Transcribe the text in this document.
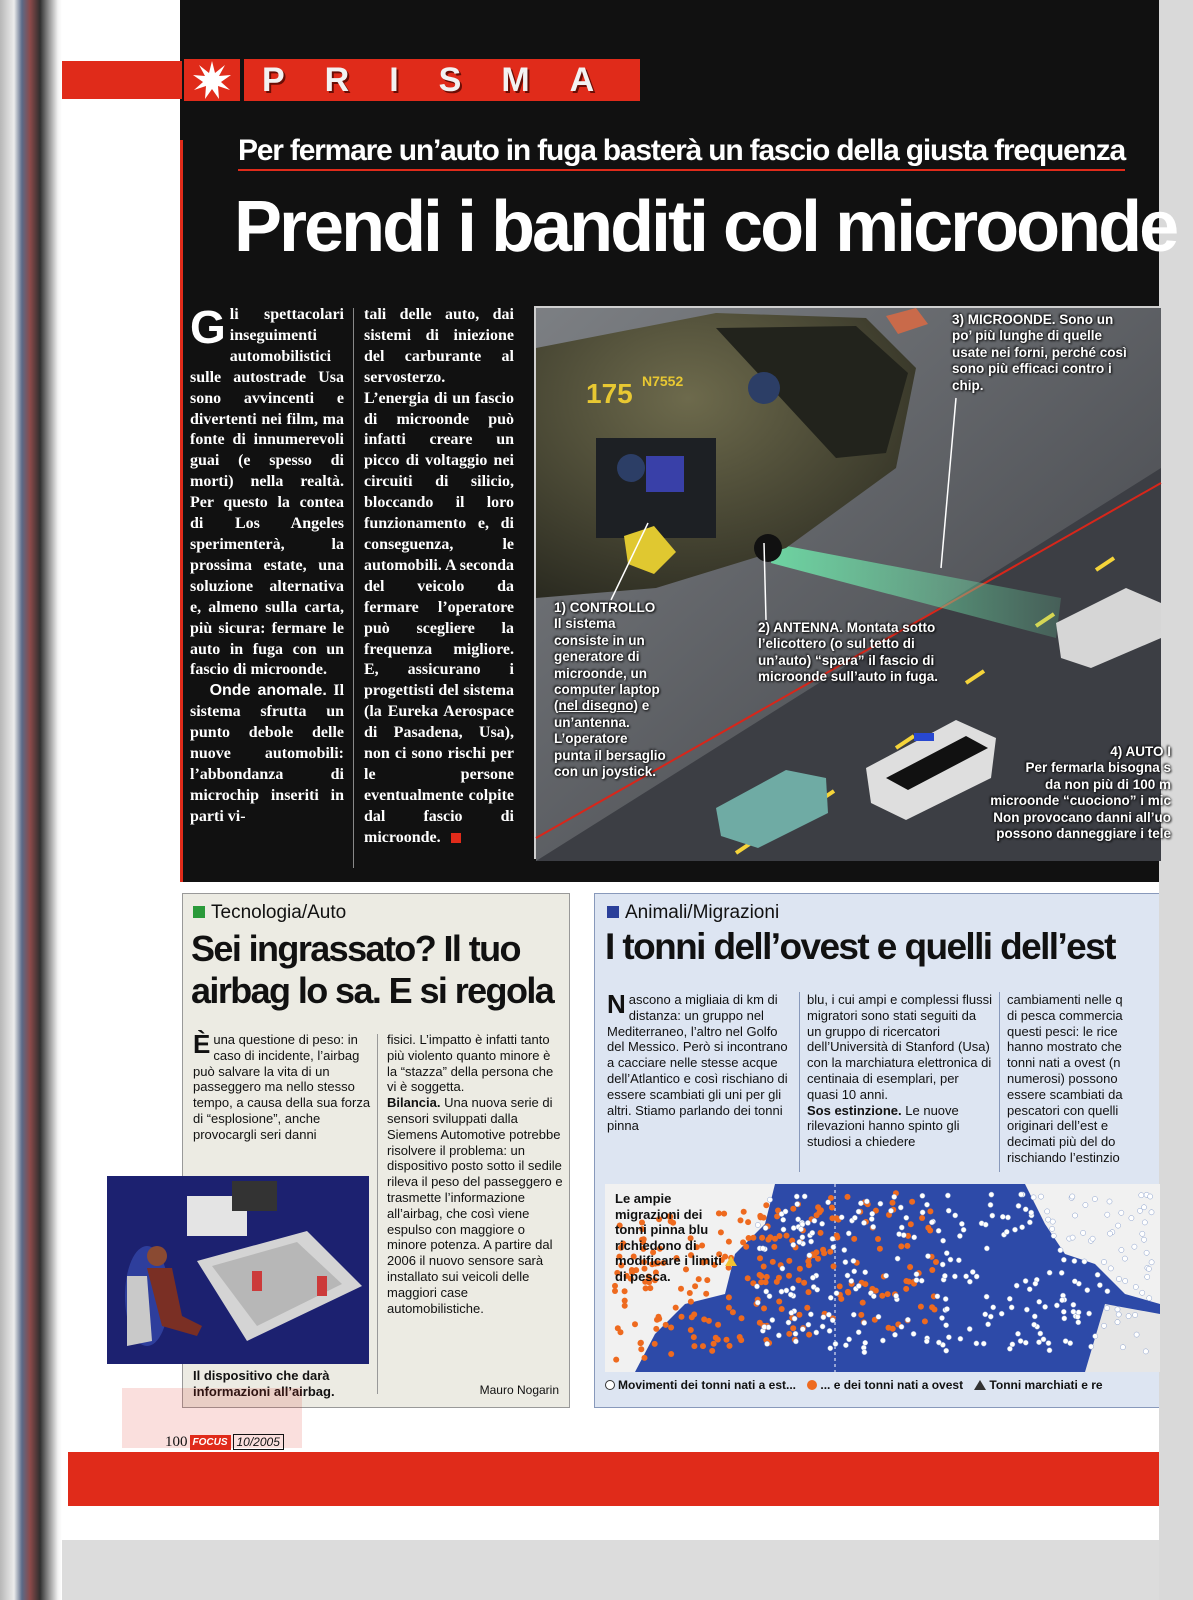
PRISMA
Per fermare un’auto in fuga basterà un fascio della giusta frequenza
Prendi i banditi col microonde
Gli spettacolari inseguimenti automobilistici sulle autostrade Usa sono avvincenti e divertenti nei film, ma fonte di innumerevoli guai (e spesso di morti) nella realtà. Per questo la contea di Los Angeles sperimenterà, la prossima estate, una soluzione alternativa e, almeno sulla carta, più sicura: fermare le auto in fuga con un fascio di microonde.
Onde anomale. Il sistema sfrutta un punto debole delle nuove automobili: l’abbondanza di microchip inseriti in parti vi-
tali delle auto, dai sistemi di iniezione del carburante al servosterzo. L’energia di un fascio di microonde può infatti creare un picco di voltaggio nei circuiti di silicio, bloccando il loro funzionamento e, di conseguenza, le automobili. A seconda del veicolo da fermare l’operatore può scegliere la frequenza migliore. E, assicurano i progettisti del sistema (la Eureka Aerospace di Pasadena, Usa), non ci sono rischi per le persone eventualmente colpite dal fascio di microonde.
175 N7552
1) CONTROLLO
Il sistema consiste in un generatore di microonde, un computer laptop (nel disegno) e un’antenna. L’operatore punta il bersaglio con un joystick.
2) ANTENNA. Montata sotto l’elicottero (o sul tetto di un’auto) “spara” il fascio di microonde sull’auto in fuga.
3) MICROONDE. Sono un po’ più lunghe di quelle usate nei forni, perché così sono più efficaci contro i chip.
4) AUTO I
Per fermarla bisogna s
da non più di 100 m
microonde “cuociono” i mic
Non provocano danni all’uo
possono danneggiare i tele
Tecnologia/Auto
Sei ingrassato? Il tuo airbag lo sa. E si regola
Èuna questione di peso: in caso di incidente, l’airbag può salvare la vita di un passeggero ma nello stesso tempo, a causa della sua forza di “esplosione”, anche provocargli seri danni
fisici. L’impatto è infatti tanto più violento quanto minore è la “stazza” della persona che vi è soggetta.
Bilancia. Una nuova serie di sensori sviluppati dalla Siemens Automotive potrebbe risolvere il problema: un dispositivo posto sotto il sedile rileva il peso del passeggero e trasmette l’informazione all’airbag, che così viene espulso con maggiore o minore potenza. A partire dal 2006 il nuovo sensore sarà installato sui veicoli delle maggiori case automobilistiche.
Mauro Nogarin
Il dispositivo che darà informazioni all’airbag.
Animali/Migrazioni
I tonni dell’ovest e quelli dell’est
Nascono a migliaia di km di distanza: un gruppo nel Mediterraneo, l’altro nel Golfo del Messico. Però si incontrano a cacciare nelle stesse acque dell’Atlantico e così rischiano di essere scambiati gli uni per gli altri. Stiamo parlando dei tonni pinna
blu, i cui ampi e complessi flussi migratori sono stati seguiti da un gruppo di ricercatori dell’Università di Stanford (Usa) con la marchiatura elettronica di centinaia di esemplari, per quasi 10 anni.
Sos estinzione. Le nuove rilevazioni hanno spinto gli studiosi a chiedere
cambiamenti nelle q
di pesca commercia
questi pesci: le rice
hanno mostrato che
tonni nati a ovest (n
numerosi) possono
essere scambiati da
pescatori con quelli
originari dell’est e
decimati più del do
rischiando l’estinzio
Le ampie migrazioni dei tonni pinna blu richiedono di modificare i limiti di pesca.
Movimenti dei tonni nati a est... ... e dei tonni nati a ovest Tonni marchiati e re
100 FOCUS 10/2005
